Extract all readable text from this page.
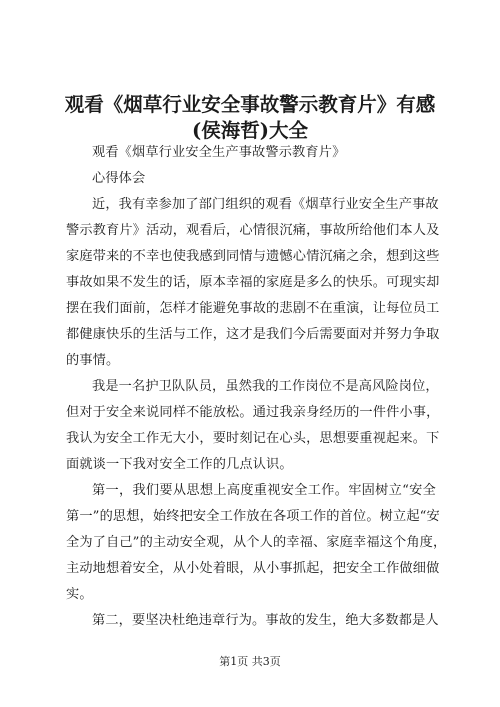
观看《烟草行业安全事故警示教育片》有感
(侯海哲)大全
观看《烟草行业安全生产事故警示教育片》
心得体会
近，我有幸参加了部门组织的观看《烟草行业安全生产事故
警示教育片》活动，观看后，心情很沉痛，事故所给他们本人及
家庭带来的不幸也使我感到同情与遗憾心情沉痛之余，想到这些
事故如果不发生的话，原本幸福的家庭是多么的快乐。可现实却
摆在我们面前，怎样才能避免事故的悲剧不在重演，让每位员工
都健康快乐的生活与工作，这才是我们今后需要面对并努力争取
的事情。
我是一名护卫队队员，虽然我的工作岗位不是高风险岗位，
但对于安全来说同样不能放松。通过我亲身经历的一件件小事，
我认为安全工作无大小，要时刻记在心头，思想要重视起来。下
面就谈一下我对安全工作的几点认识。
第一，我们要从思想上高度重视安全工作。牢固树立“安全
第一”的思想，始终把安全工作放在各项工作的首位。树立起“安
全为了自己”的主动安全观，从个人的幸福、家庭幸福这个角度，
主动地想着安全，从小处着眼，从小事抓起，把安全工作做细做
实。
第二，要坚决杜绝违章行为。事故的发生，绝大多数都是人
第1页 共3页
